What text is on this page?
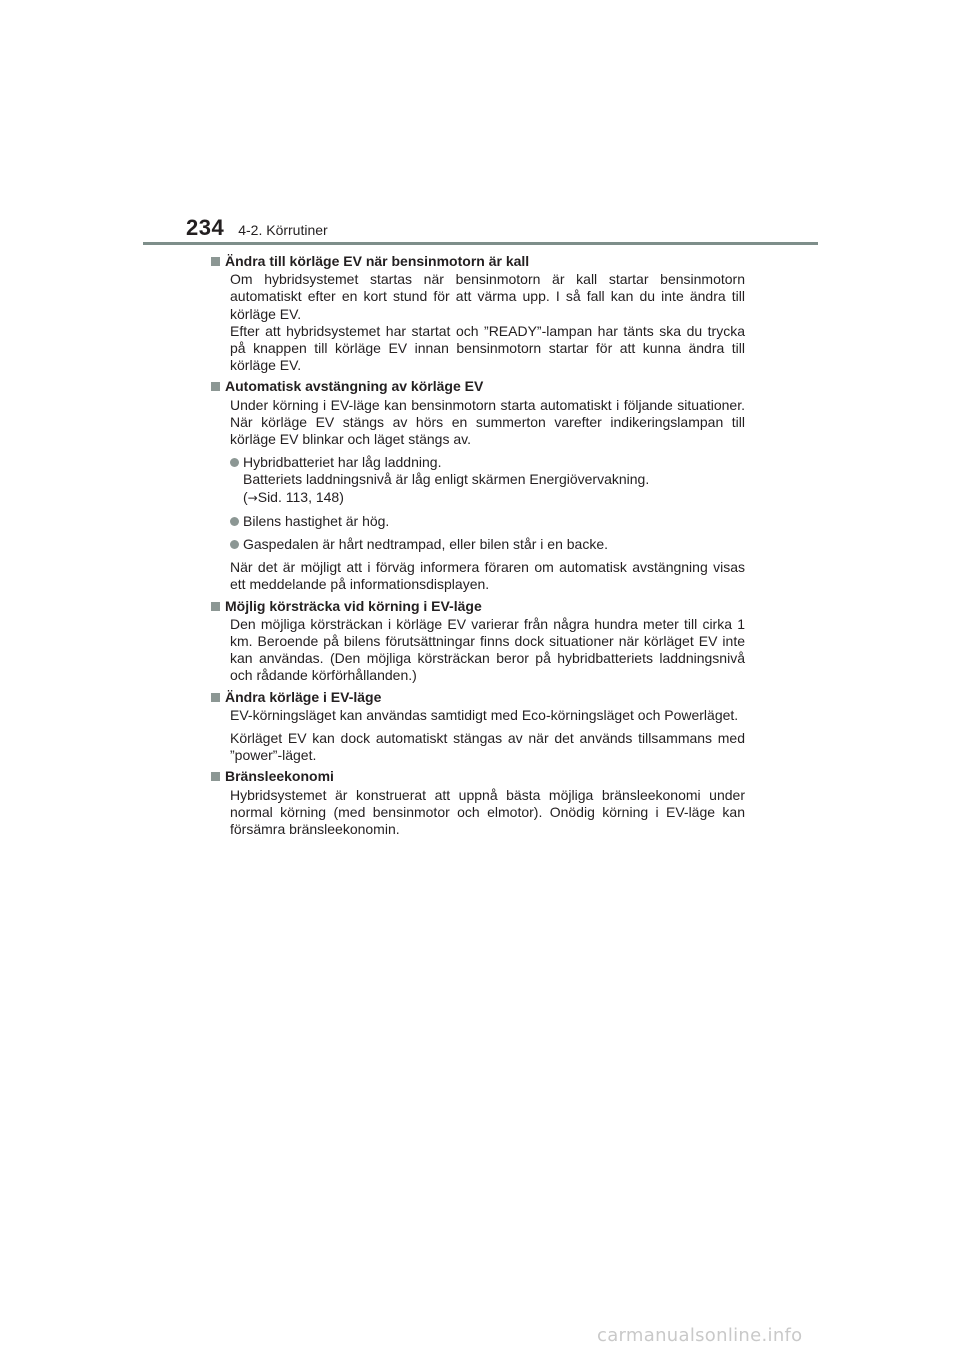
234 4-2. Körrutiner
Ändra till körläge EV när bensinmotorn är kall

Om hybridsystemet startas när bensinmotorn är kall startar bensinmotorn automatiskt efter en kort stund för att värma upp. I så fall kan du inte ändra till körläge EV.

Efter att hybridsystemet har startat och ”READY”-lampan har tänts ska du trycka på knappen till körläge EV innan bensinmotorn startar för att kunna ändra till körläge EV.

Automatisk avstängning av körläge EV

Under körning i EV-läge kan bensinmotorn starta automatiskt i följande situationer. När körläge EV stängs av hörs en summerton varefter indikeringslampan till körläge EV blinkar och läget stängs av.

Hybridbatteriet har låg laddning.
Batteriets laddningsnivå är låg enligt skärmen Energiövervakning.
(→Sid. 113, 148)
Bilens hastighet är hög.
Gaspedalen är hårt nedtrampad, eller bilen står i en backe.

När det är möjligt att i förväg informera föraren om automatisk avstängning visas ett meddelande på informationsdisplayen.

Möjlig körsträcka vid körning i EV-läge

Den möjliga körsträckan i körläge EV varierar från några hundra meter till cirka 1 km. Beroende på bilens förutsättningar finns dock situationer när körläget EV inte kan användas. (Den möjliga körsträckan beror på hybridbatteriets laddningsnivå och rådande körförhållanden.)

Ändra körläge i EV-läge

EV-körningsläget kan användas samtidigt med Eco-körningsläget och Powerläget.

Körläget EV kan dock automatiskt stängas av när det används tillsammans med ”power”-läget.

Bränsleekonomi

Hybridsystemet är konstruerat att uppnå bästa möjliga bränsleekonomi under normal körning (med bensinmotor och elmotor). Onödig körning i EV-läge kan försämra bränsleekonomin.

carmanualsonline.info
